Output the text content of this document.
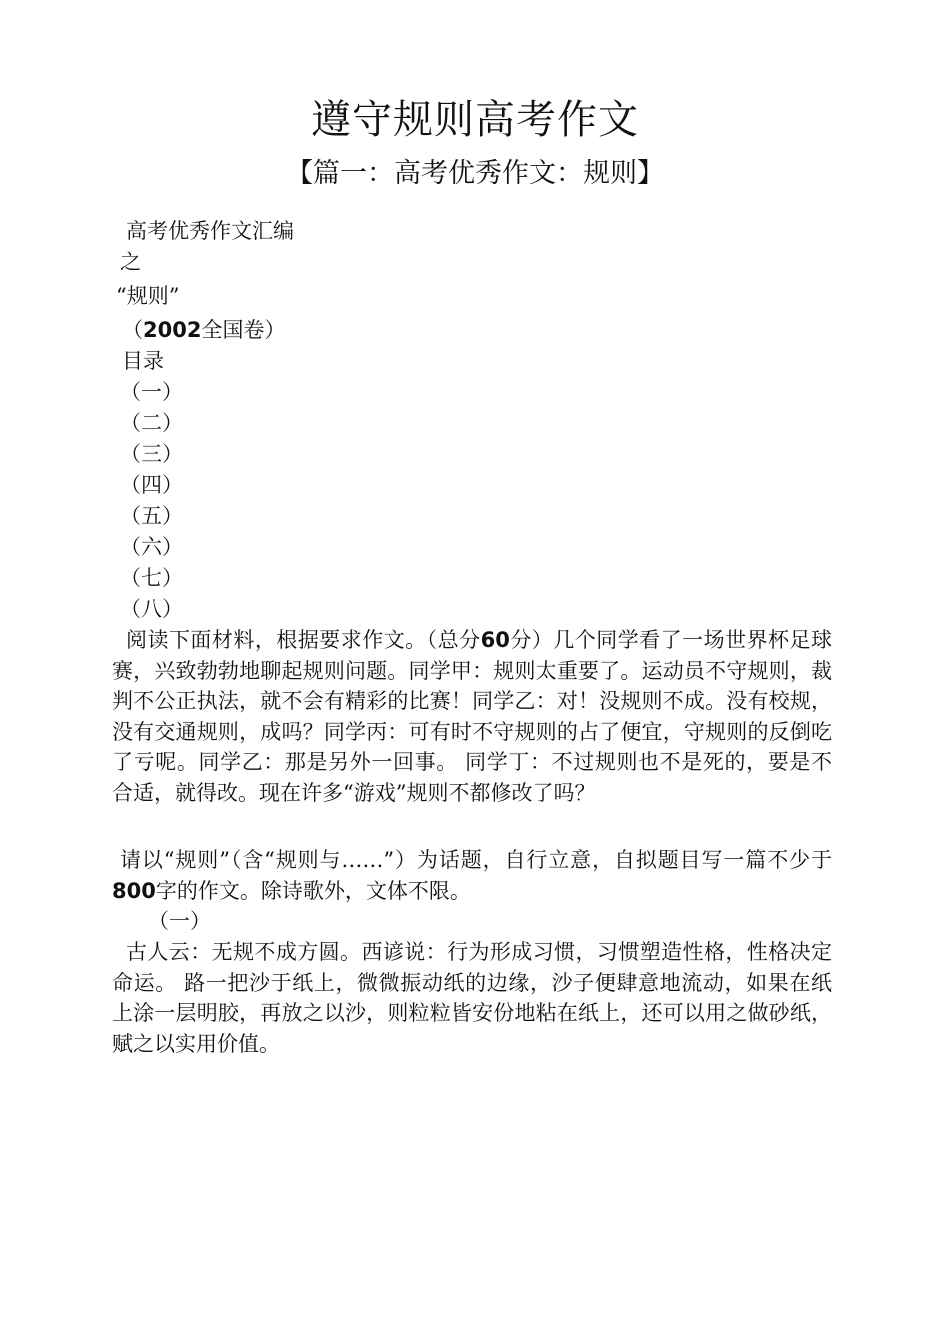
遵守规则高考作文
【篇一：高考优秀作文：规则】
高考优秀作文汇编
之
“规则”
（2002全国卷）
目录
（一）
（二）
（三）
（四）
（五）
（六）
（七）
（八）

阅读下面材料，根据要求作文。（总分60分）几个同学看了一场世界杯足球赛，兴致勃勃地聊起规则问题。同学甲：规则太重要了。运动员不守规则，裁判不公正执法，就不会有精彩的比赛！同学乙：对！没规则不成。没有校规，没有交通规则，成吗？同学丙：可有时不守规则的占了便宜，守规则的反倒吃了亏呢。同学乙：那是另外一回事。 同学丁：不过规则也不是死的，要是不合适，就得改。现在许多“游戏”规则不都修改了吗？

请以“规则”（含“规则与……”）为话题，自行立意，自拟题目写一篇不少于800字的作文。除诗歌外，文体不限。

（一）

古人云：无规不成方圆。西谚说：行为形成习惯，习惯塑造性格，性格决定命运。 路一把沙于纸上，微微振动纸的边缘，沙子便肆意地流动，如果在纸上涂一层明胶，再放之以沙，则粒粒皆安份地粘在纸上，还可以用之做砂纸，赋之以实用价值。
